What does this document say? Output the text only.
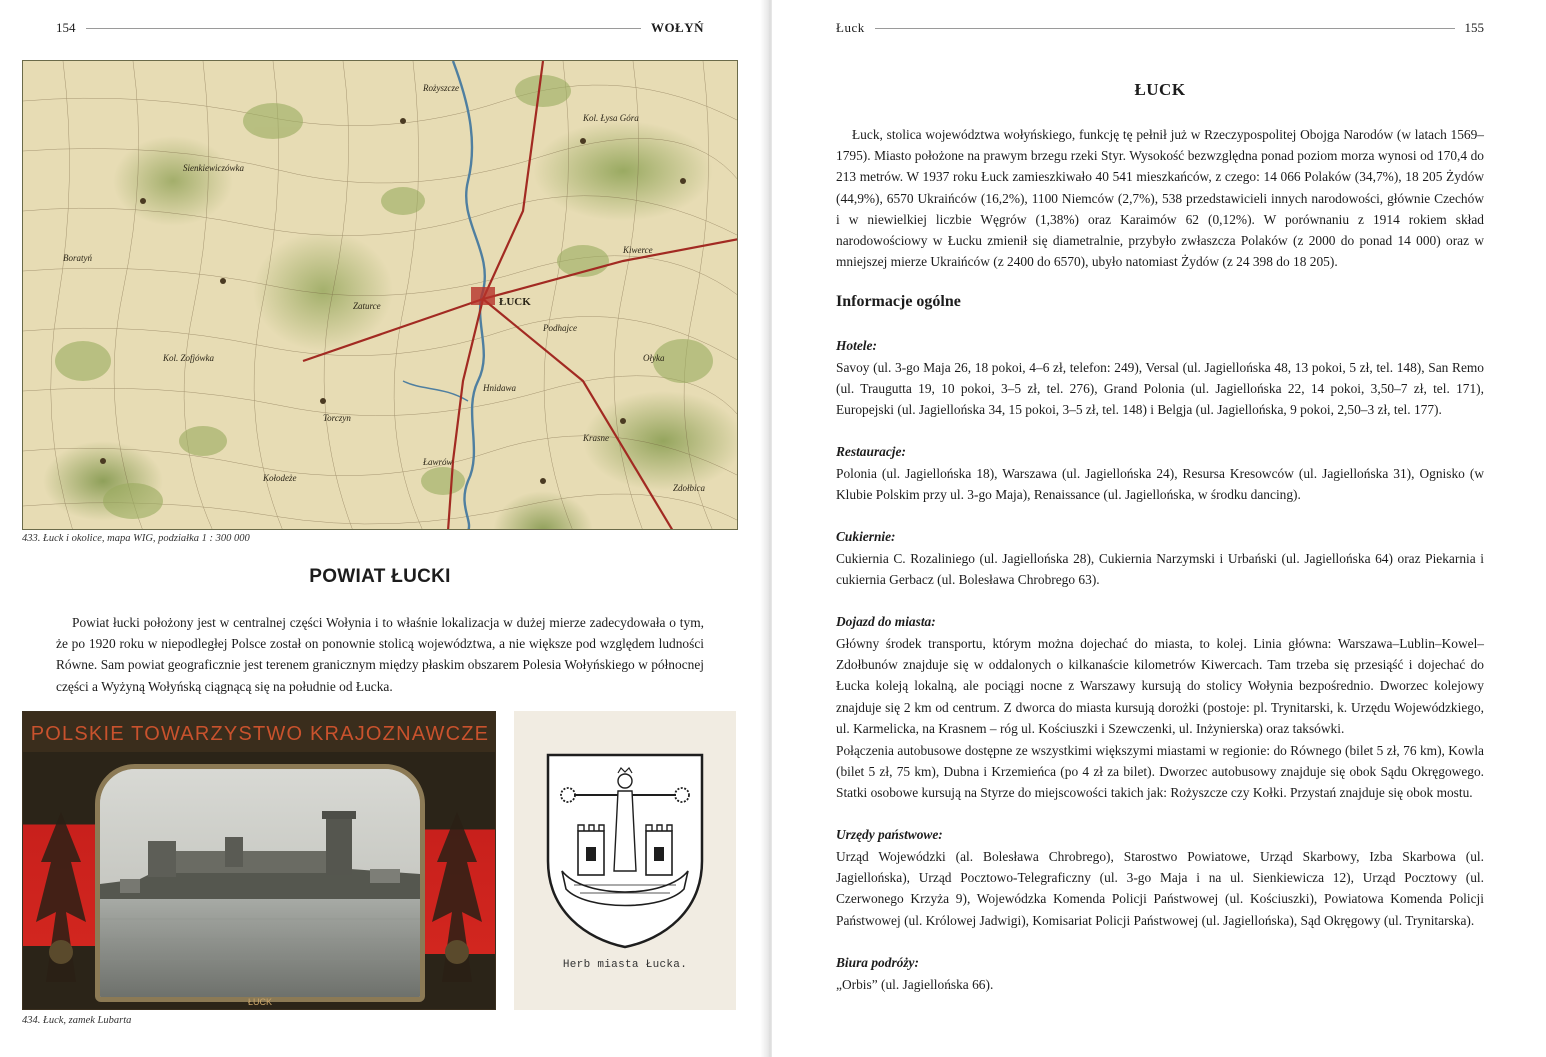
154	WOŁYŃ
ŁUCK
Kiwerce
Rożyszcze
Ołyka
Zaturce
Torczyn
Ławrów
Kol. Łysa Góra
Sienkiewiczówka
Hnidawa
Podhajce
Krasne
Boratyń
Zdołbica
Kol. Zofjówka
Kołodeże
433. Łuck i okolice, mapa WIG, podziałka 1 : 300 000
POWIAT ŁUCKI
Powiat łucki położony jest w centralnej części Wołynia i to właśnie lokalizacja w dużej mierze zadecydowała o tym, że po 1920 roku w niepodległej Polsce został on ponownie stolicą województwa, a nie większe pod względem ludności Równe. Sam powiat geograficznie jest terenem granicznym między płaskim obszarem Polesia Wołyńskiego w północnej części a Wyżyną Wołyńską ciągnącą się na południe od Łucka.
POLSKIE TOWARZYSTWO KRAJOZNAWCZE
ŁUCK
434. Łuck, zamek Lubarta
Herb miasta Łucka.
Łuck	155
ŁUCK
Łuck, stolica województwa wołyńskiego, funkcję tę pełnił już w Rzeczypospolitej Obojga Narodów (w latach 1569–1795). Miasto położone na prawym brzegu rzeki Styr. Wysokość bezwzględna ponad poziom morza wynosi od 170,4 do 213 metrów. W 1937 roku Łuck zamieszkiwało 40 541 mieszkańców, z czego: 14 066 Polaków (34,7%), 18 205 Żydów (44,9%), 6570 Ukraińców (16,2%), 1100 Niemców (2,7%), 538 przedstawicieli innych narodowości, głównie Czechów i w niewielkiej liczbie Węgrów (1,38%) oraz Karaimów 62 (0,12%). W porównaniu z 1914 rokiem skład narodowościowy w Łucku zmienił się diametralnie, przybyło zwłaszcza Polaków (z 2000 do ponad 14 000) oraz w mniejszej mierze Ukraińców (z 2400 do 6570), ubyło natomiast Żydów (z 24 398 do 18 205).
Informacje ogólne
Hotele:
Savoy (ul. 3-go Maja 26, 18 pokoi, 4–6 zł, telefon: 249), Versal (ul. Jagiellońska 48, 13 pokoi, 5 zł, tel. 148), San Remo (ul. Traugutta 19, 10 pokoi, 3–5 zł, tel. 276), Grand Polonia (ul. Jagiellońska 22, 14 pokoi, 3,50–7 zł, tel. 171), Europejski (ul. Jagiellońska 34, 15 pokoi, 3–5 zł, tel. 148) i Belgja (ul. Jagiellońska, 9 pokoi, 2,50–3 zł, tel. 177).
Restauracje:
Polonia (ul. Jagiellońska 18), Warszawa (ul. Jagiellońska 24), Resursa Kresowców (ul. Jagiellońska 31), Ognisko (w Klubie Polskim przy ul. 3-go Maja), Renaissance (ul. Jagiellońska, w środku dancing).
Cukiernie:
Cukiernia C. Rozaliniego (ul. Jagiellońska 28), Cukiernia Narzymski i Urbański (ul. Jagiellońska 64) oraz Piekarnia i cukiernia Gerbacz (ul. Bolesława Chrobrego 63).
Dojazd do miasta:
Główny środek transportu, którym można dojechać do miasta, to kolej. Linia główna: Warszawa–Lublin–Kowel–Zdołbunów znajduje się w oddalonych o kilkanaście kilometrów Kiwercach. Tam trzeba się przesiąść i dojechać do Łucka koleją lokalną, ale pociągi nocne z Warszawy kursują do stolicy Wołynia bezpośrednio. Dworzec kolejowy znajduje się 2 km od centrum. Z dworca do miasta kursują dorożki (postoje: pl. Trynitarski, k. Urzędu Wojewódzkiego, ul. Karmelicka, na Krasnem – róg ul. Kościuszki i Szewczenki, ul. Inżynierska) oraz taksówki.
Połączenia autobusowe dostępne ze wszystkimi większymi miastami w regionie: do Równego (bilet 5 zł, 76 km), Kowla (bilet 5 zł, 75 km), Dubna i Krzemieńca (po 4 zł za bilet). Dworzec autobusowy znajduje się obok Sądu Okręgowego. Statki osobowe kursują na Styrze do miejscowości takich jak: Rożyszcze czy Kołki. Przystań znajduje się obok mostu.
Urzędy państwowe:
Urząd Wojewódzki (al. Bolesława Chrobrego), Starostwo Powiatowe, Urząd Skarbowy, Izba Skarbowa (ul. Jagiellońska), Urząd Pocztowo-Telegraficzny (ul. 3-go Maja i na ul. Sienkiewicza 12), Urząd Pocztowy (ul. Czerwonego Krzyża 9), Wojewódzka Komenda Policji Państwowej (ul. Kościuszki), Powiatowa Komenda Policji Państwowej (ul. Królowej Jadwigi), Komisariat Policji Państwowej (ul. Jagiellońska), Sąd Okręgowy (ul. Trynitarska).
Biura podróży:
„Orbis” (ul. Jagiellońska 66).
